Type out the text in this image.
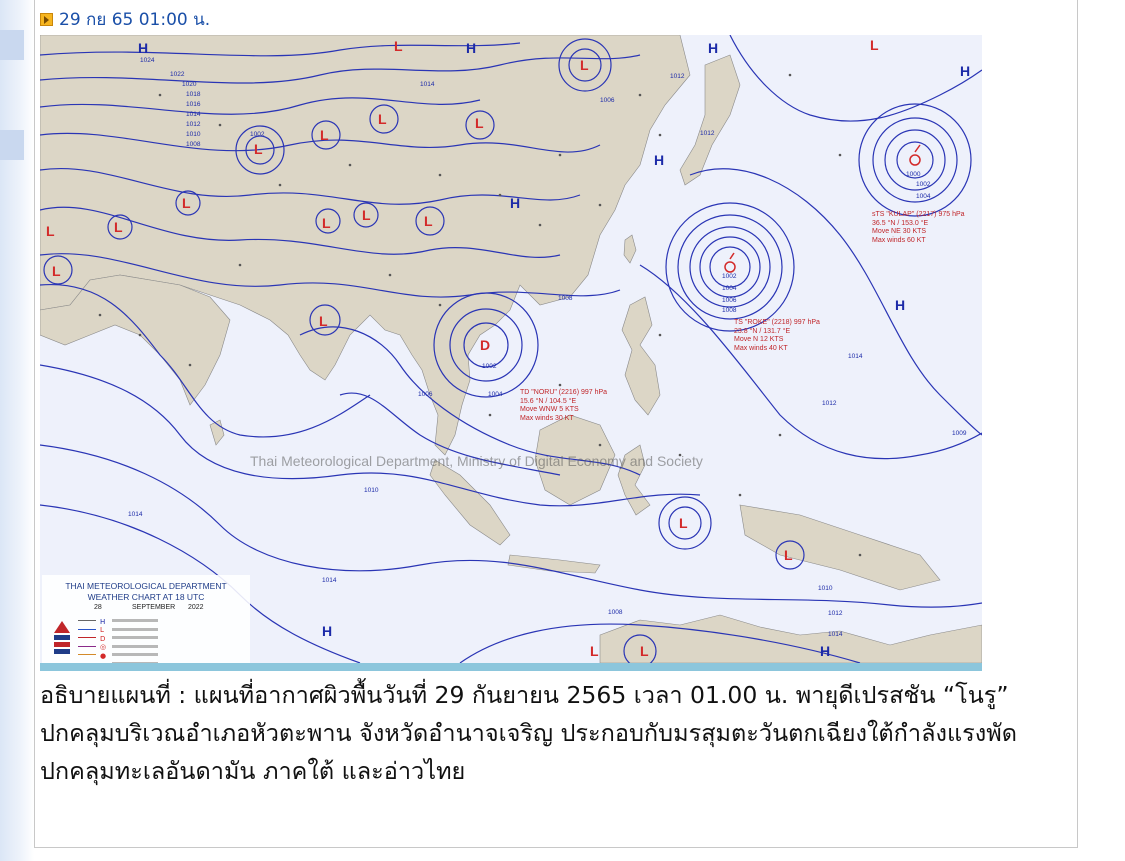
29 กย 65 01:00 น.
H	H	H
H
H
H
H
H
H
L
L
L
L
L
L	L
L
L
L	L L	L
L
L
L
L
L	L
D
1024
1022
1020
1018
1016
1014
1012
1010
1008
1002
1006
1014
1012
1012
1000
1002
1004
1002
1004
1006
1008
1008
1002
1006	1004
1010
1014
1014
1008
1012
1014
1009
1010
1012
1014
sTS "KULAP" (2217) 975 hPa
36.5 °N / 153.0 °E
Move NE 30 KTS
Max winds 60 KT
TS "ROKE" (2218) 997 hPa
23.8 °N / 131.7 °E
Move N 12 KTS
Max winds 40 KT
TD "NORU" (2216) 997 hPa
15.6 °N / 104.5 °E
Move WNW 5 KTS
Max winds 30 KT
Thai Meteorological Department, Ministry of Digital Economy and Society
THAI METEOROLOGICAL DEPARTMENT
WEATHER CHART AT 18 UTC
28	SEPTEMBER 2022
H
L
D
◎
●
อธิบายแผนที่ : แผนที่อากาศผิวพื้นวันที่ 29 กันยายน 2565 เวลา 01.00 น. พายุดีเปรสชัน “โนรู” ปกคลุมบริเวณอำเภอหัวตะพาน จังหวัดอำนาจเจริญ ประกอบกับมรสุมตะวันตกเฉียงใต้กำลังแรงพัดปกคลุมทะเลอันดามัน ภาคใต้ และอ่าวไทย
